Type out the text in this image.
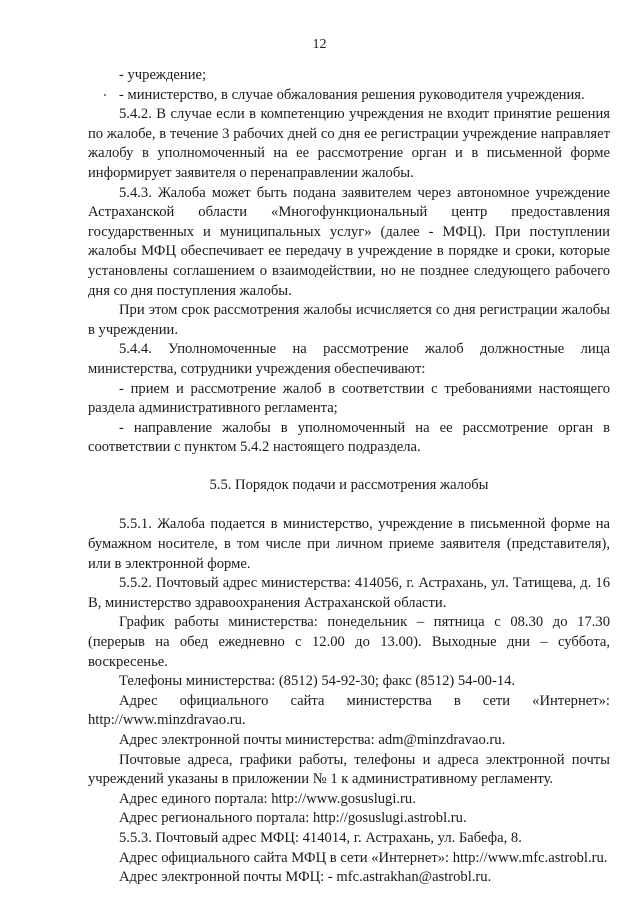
12

- учреждение;

- министерство, в случае обжалования решения руководителя учреждения.

5.4.2. В случае если в компетенцию учреждения не входит принятие решения по жалобе, в течение 3 рабочих дней со дня ее регистрации учреждение направляет жалобу в уполномоченный на ее рассмотрение орган и в письменной форме информирует заявителя о перенаправлении жалобы.

5.4.3. Жалоба может быть подана заявителем через автономное учреждение Астраханской области «Многофункциональный центр предоставления государственных и муниципальных услуг» (далее - МФЦ). При поступлении жалобы МФЦ обеспечивает ее передачу в учреждение в порядке и сроки, которые установлены соглашением о взаимодействии, но не позднее следующего рабочего дня со дня поступления жалобы.

При этом срок рассмотрения жалобы исчисляется со дня регистрации жалобы в учреждении.

5.4.4. Уполномоченные на рассмотрение жалоб должностные лица министерства, сотрудники учреждения обеспечивают:

- прием и рассмотрение жалоб в соответствии с требованиями настоящего раздела административного регламента;

- направление жалобы в уполномоченный на ее рассмотрение орган в соответствии с пунктом 5.4.2 настоящего подраздела.

5.5. Порядок подачи и рассмотрения жалобы

5.5.1. Жалоба подается в министерство, учреждение в письменной форме на бумажном носителе, в том числе при личном приеме заявителя (представителя), или в электронной форме.

5.5.2. Почтовый адрес министерства: 414056, г. Астрахань, ул. Татищева, д. 16 В, министерство здравоохранения Астраханской области.

График работы министерства: понедельник – пятница с 08.30 до 17.30 (перерыв на обед ежедневно с 12.00 до 13.00). Выходные дни – суббота, воскресенье.

Телефоны министерства: (8512) 54-92-30; факс (8512) 54-00-14.

Адрес официального сайта министерства в сети «Интернет»: http://www.minzdravao.ru.

Адрес электронной почты министерства: adm@minzdravao.ru.

Почтовые адреса, графики работы, телефоны и адреса электронной почты учреждений указаны в приложении № 1 к административному регламенту.

Адрес единого портала: http://www.gosuslugi.ru.

Адрес регионального портала: http://gosuslugi.astrobl.ru.

5.5.3. Почтовый адрес МФЦ: 414014, г. Астрахань, ул. Бабефа, 8.

Адрес официального сайта МФЦ в сети «Интернет»: http://www.mfc.astrobl.ru.

Адрес электронной почты МФЦ: - mfc.astrakhan@astrobl.ru.
